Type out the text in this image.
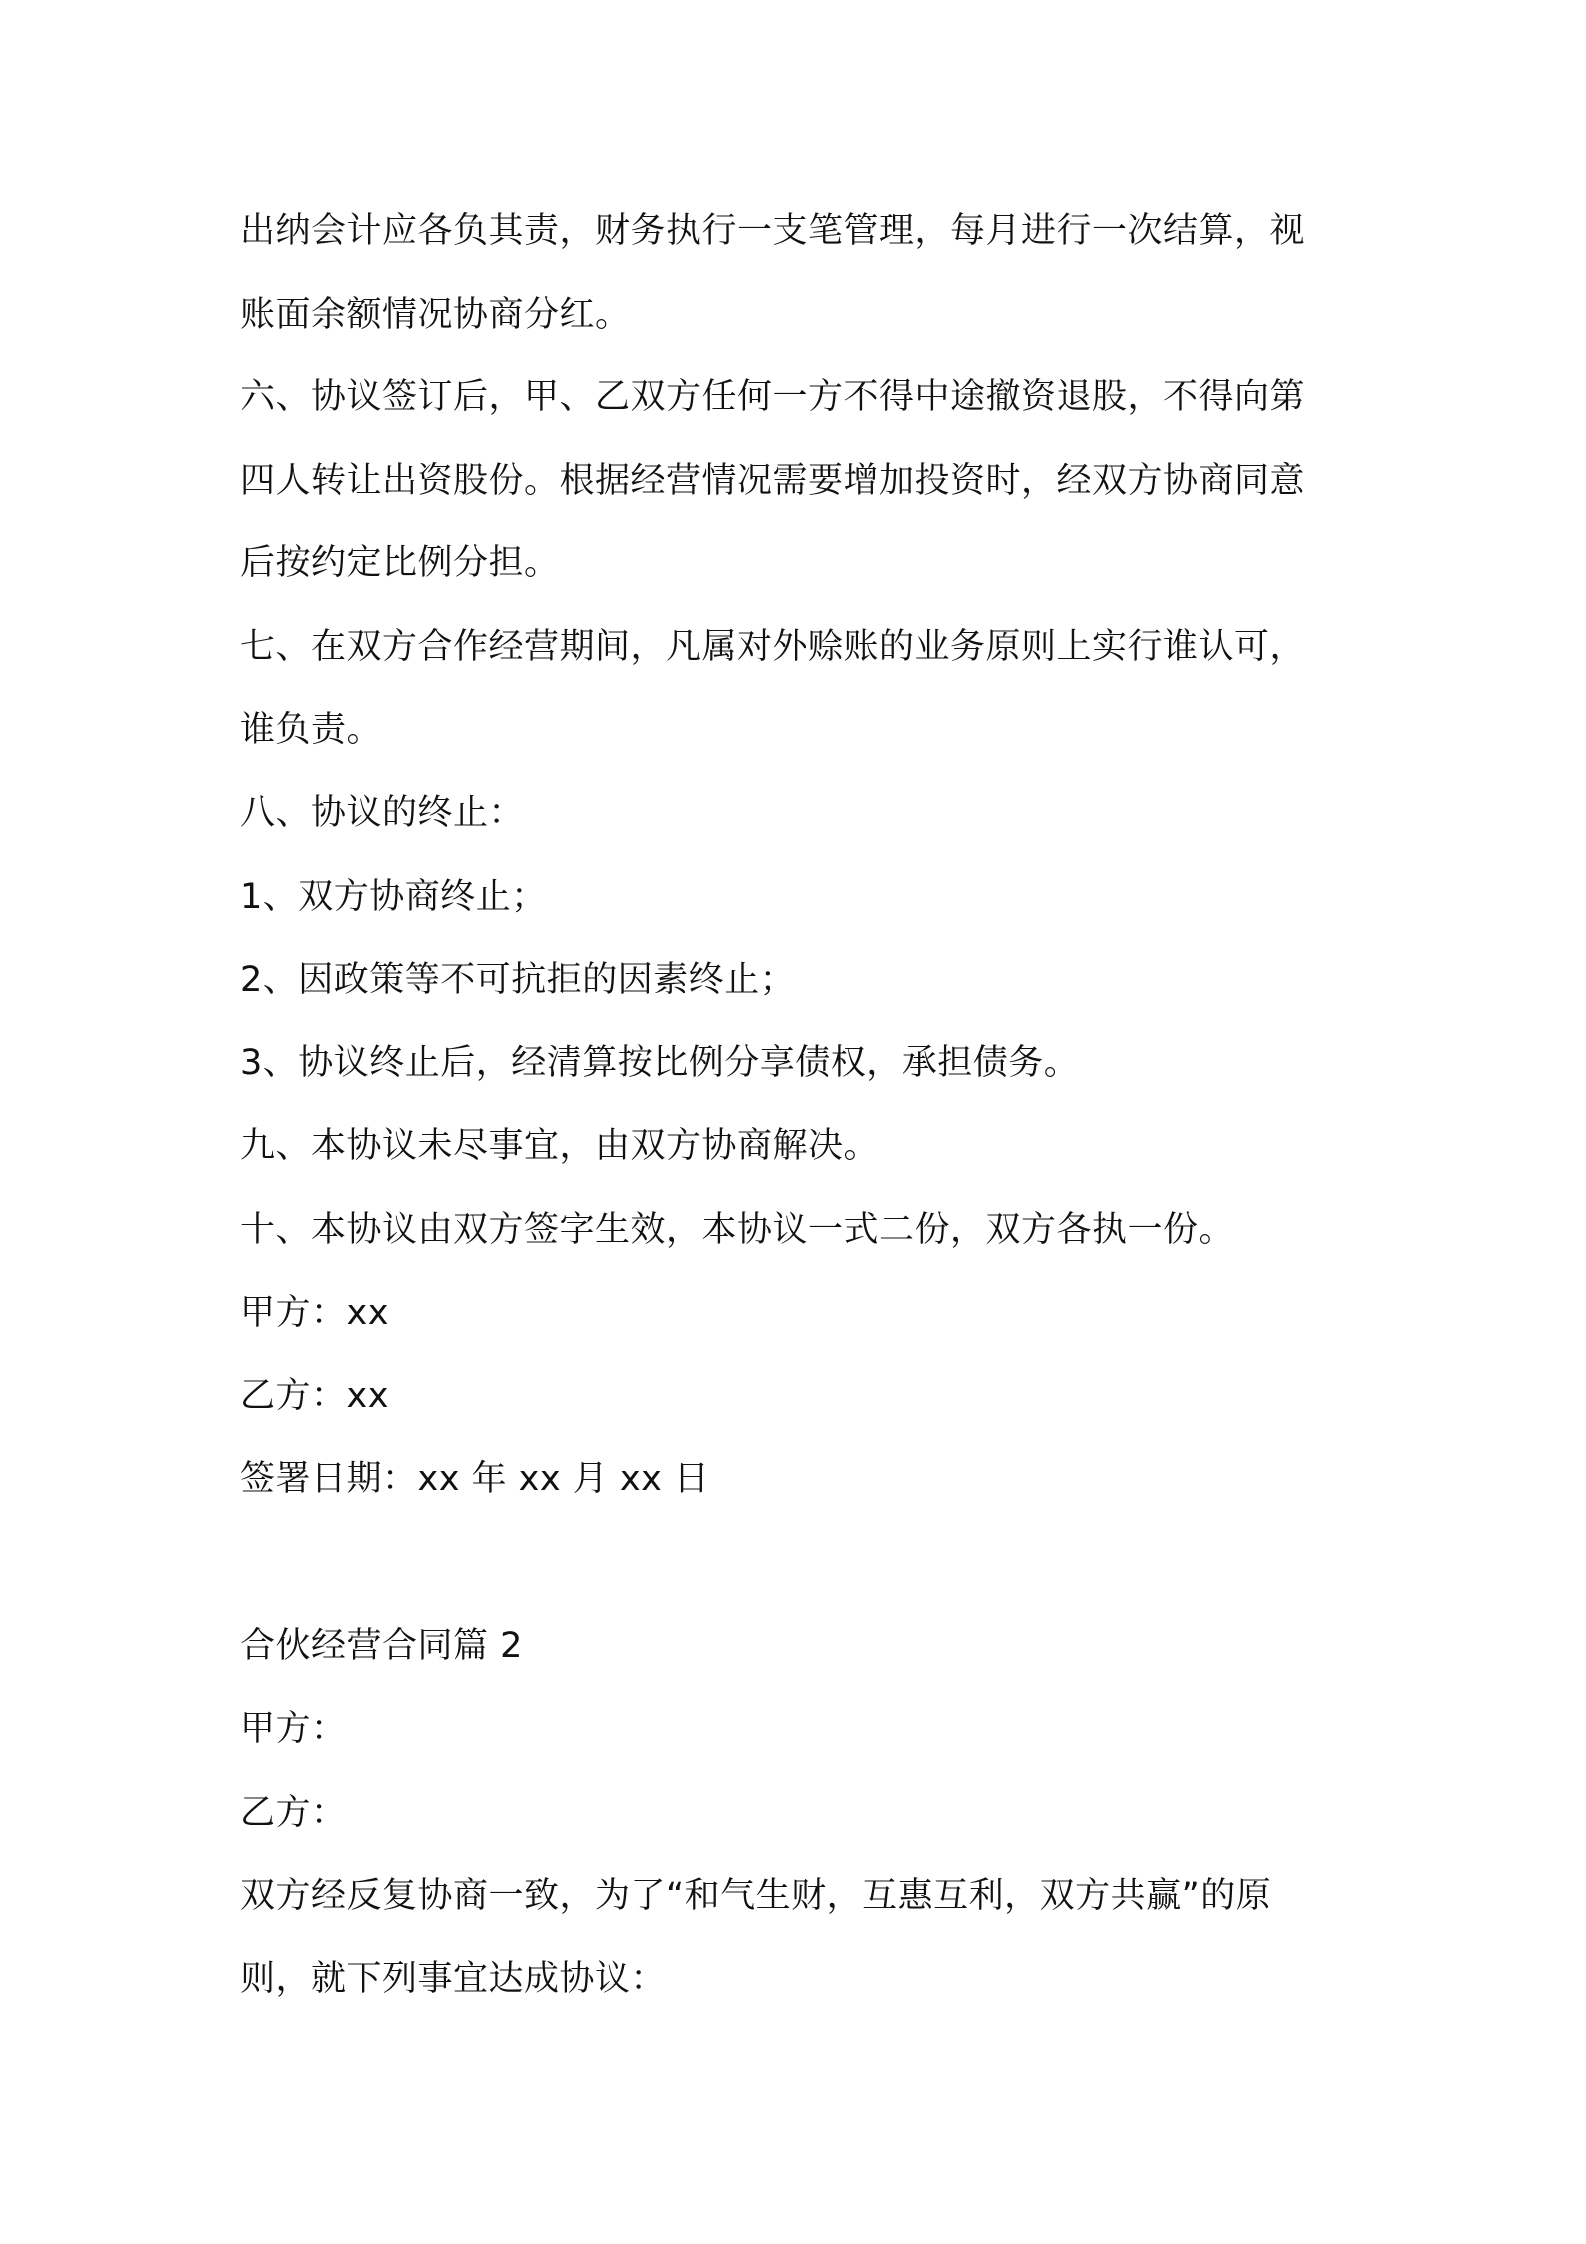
出纳会计应各负其责，财务执行一支笔管理，每月进行一次结算，视

账面余额情况协商分红。

六、协议签订后，甲、乙双方任何一方不得中途撤资退股，不得向第

四人转让出资股份。根据经营情况需要增加投资时，经双方协商同意

后按约定比例分担。

七、在双方合作经营期间，凡属对外赊账的业务原则上实行谁认可，

谁负责。

八、协议的终止：

1、双方协商终止；

2、因政策等不可抗拒的因素终止；

3、协议终止后，经清算按比例分享债权，承担债务。

九、本协议未尽事宜，由双方协商解决。

十、本协议由双方签字生效，本协议一式二份，双方各执一份。

甲方：xx

乙方：xx

签署日期：xx 年 xx 月 xx 日

合伙经营合同篇 2

甲方：

乙方：

双方经反复协商一致，为了“和气生财，互惠互利，双方共赢”的原

则，就下列事宜达成协议：
